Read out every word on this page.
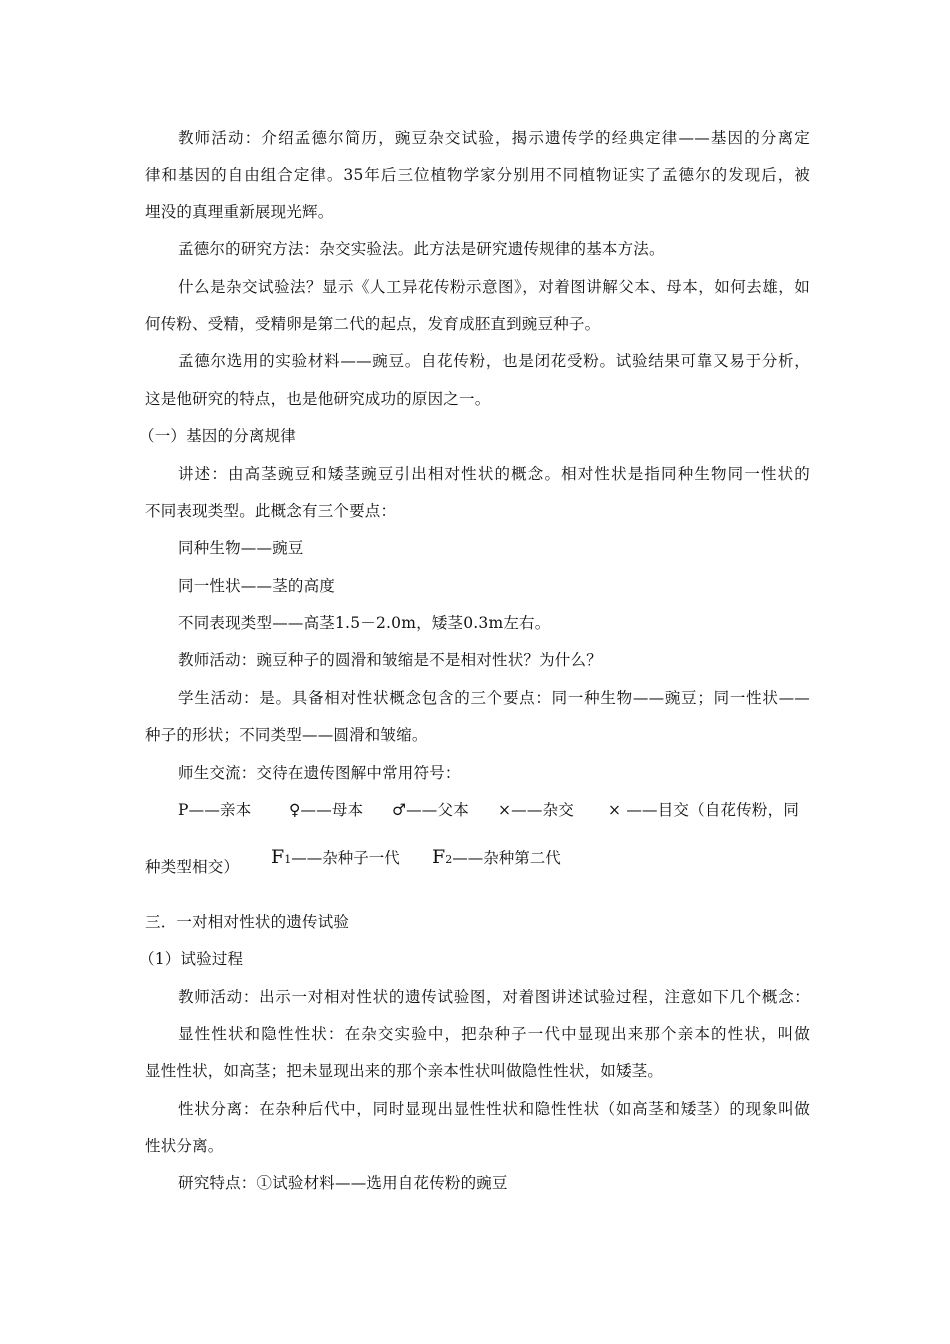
教师活动：介绍孟德尔简历，豌豆杂交试验，揭示遗传学的经典定律——基因的分离定
律和基因的自由组合定律。35年后三位植物学家分别用不同植物证实了孟德尔的发现后，被
埋没的真理重新展现光辉。
孟德尔的研究方法：杂交实验法。此方法是研究遗传规律的基本方法。
什么是杂交试验法？显示《人工异花传粉示意图》，对着图讲解父本、母本，如何去雄，如
何传粉、受精，受精卵是第二代的起点，发育成胚直到豌豆种子。
孟德尔选用的实验材料——豌豆。自花传粉，也是闭花受粉。试验结果可靠又易于分析，
这是他研究的特点，也是他研究成功的原因之一。
（一）基因的分离规律
讲述：由高茎豌豆和矮茎豌豆引出相对性状的概念。相对性状是指同种生物同一性状的
不同表现类型。此概念有三个要点：
同种生物——豌豆
同一性状——茎的高度
不同表现类型——高茎1.5－2.0m，矮茎0.3m左右。
教师活动：豌豆种子的圆滑和皱缩是不是相对性状？为什么？
学生活动：是。具备相对性状概念包含的三个要点：同一种生物——豌豆；同一性状——
种子的形状；不同类型——圆滑和皱缩。
师生交流：交待在遗传图解中常用符号：
P——亲本 ♀——母本 ♂——父本 ×——杂交 × ——目交（自花传粉，同
种类型相交）	F1——杂种子一代 F2——杂种第二代
三．一对相对性状的遗传试验
（1）试验过程
教师活动：出示一对相对性状的遗传试验图，对着图讲述试验过程，注意如下几个概念：
显性性状和隐性性状：在杂交实验中，把杂种子一代中显现出来那个亲本的性状，叫做
显性性状，如高茎；把未显现出来的那个亲本性状叫做隐性性状，如矮茎。
性状分离：在杂种后代中，同时显现出显性性状和隐性性状（如高茎和矮茎）的现象叫做
性状分离。
研究特点：①试验材料——选用自花传粉的豌豆
